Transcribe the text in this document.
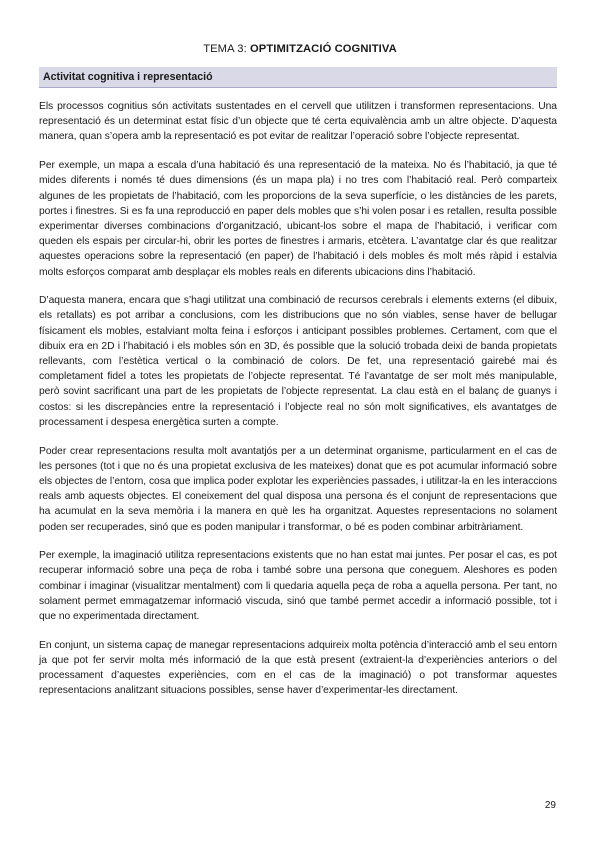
TEMA 3: OPTIMITZACIÓ COGNITIVA
Activitat cognitiva i representació

Els processos cognitius són activitats sustentades en el cervell que utilitzen i transformen representacions. Una representació és un determinat estat físic d’un objecte que té certa equivalència amb un altre objecte. D’aquesta manera, quan s’opera amb la representació es pot evitar de realitzar l’operació sobre l’objecte representat.

Per exemple, un mapa a escala d’una habitació és una representació de la mateixa. No és l’habitació, ja que té mides diferents i només té dues dimensions (és un mapa pla) i no tres com l’habitació real. Però comparteix algunes de les propietats de l’habitació, com les proporcions de la seva superfície, o les distàncies de les parets, portes i finestres. Si es fa una reproducció en paper dels mobles que s’hi volen posar i es retallen, resulta possible experimentar diverses combinacions d’organització, ubicant-los sobre el mapa de l’habitació, i verificar com queden els espais per circular-hi, obrir les portes de finestres i armaris, etcètera. L’avantatge clar és que realitzar aquestes operacions sobre la representació (en paper) de l’habitació i dels mobles és molt més ràpid i estalvia molts esforços comparat amb desplaçar els mobles reals en diferents ubicacions dins l’habitació.

D’aquesta manera, encara que s’hagi utilitzat una combinació de recursos cerebrals i elements externs (el dibuix, els retallats) es pot arribar a conclusions, com les distribucions que no són viables, sense haver de bellugar físicament els mobles, estalviant molta feina i esforços i anticipant possibles problemes. Certament, com que el dibuix era en 2D i l’habitació i els mobles són en 3D, és possible que la solució trobada deixi de banda propietats rellevants, com l’estètica vertical o la combinació de colors. De fet, una representació gairebé mai és completament fidel a totes les propietats de l’objecte representat. Té l’avantatge de ser molt més manipulable, però sovint sacrificant una part de les propietats de l’objecte representat. La clau està en el balanç de guanys i costos: si les discrepàncies entre la representació i l’objecte real no són molt significatives, els avantatges de processament i despesa energètica surten a compte.

Poder crear representacions resulta molt avantatjós per a un determinat organisme, particularment en el cas de les persones (tot i que no és una propietat exclusiva de les mateixes) donat que es pot acumular informació sobre els objectes de l’entorn, cosa que implica poder explotar les experiències passades, i utilitzar-la en les interaccions reals amb aquests objectes. El coneixement del qual disposa una persona és el conjunt de representacions que ha acumulat en la seva memòria i la manera en què les ha organitzat. Aquestes representacions no solament poden ser recuperades, sinó que es poden manipular i transformar, o bé es poden combinar arbitràriament.

Per exemple, la imaginació utilitza representacions existents que no han estat mai juntes. Per posar el cas, es pot recuperar informació sobre una peça de roba i també sobre una persona que coneguem. Aleshores es poden combinar i imaginar (visualitzar mentalment) com li quedaria aquella peça de roba a aquella persona. Per tant, no solament permet emmagatzemar informació viscuda, sinó que també permet accedir a informació possible, tot i que no experimentada directament.

En conjunt, un sistema capaç de manegar representacions adquireix molta potència d’interacció amb el seu entorn ja que pot fer servir molta més informació de la que està present (extraient-la d’experiències anteriors o del processament d’aquestes experiències, com en el cas de la imaginació) o pot transformar aquestes representacions analitzant situacions possibles, sense haver d’experimentar-les directament.

29
